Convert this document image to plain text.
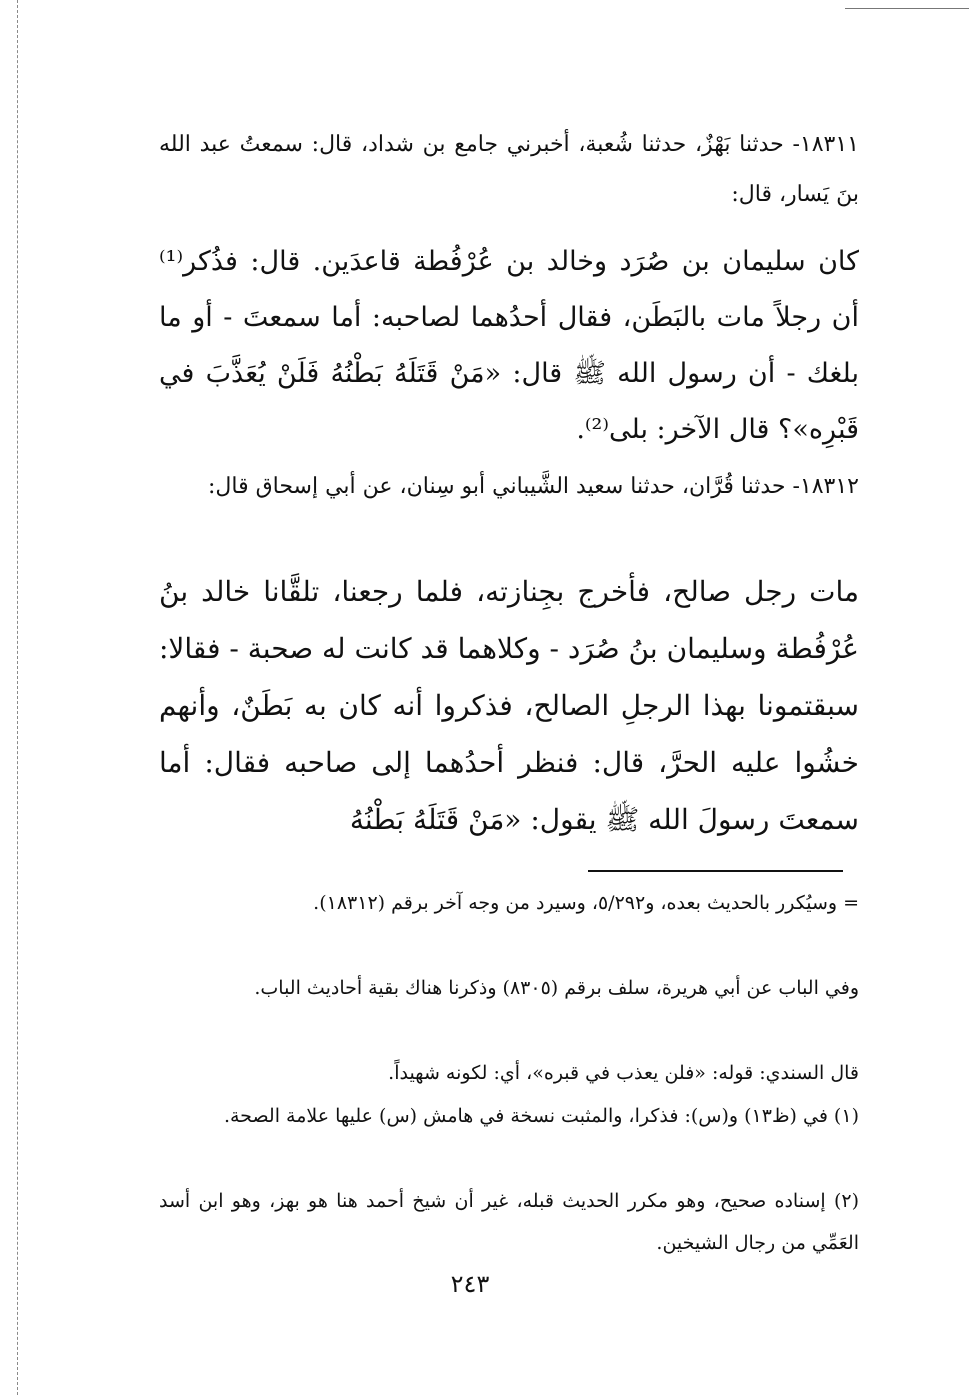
١٨٣١١- حدثنا بَهْزٌ، حدثنا شُعبة، أخبرني جامع بن شداد، قال: سمعتُ عبد الله بنَ يَسار، قال:

كان سليمان بن صُرَد وخالد بن عُرْفُطة قاعدَين. قال: فذُكر⁽¹⁾ أن رجلاً مات بالبَطَن، فقال أحدُهما لصاحبه: أما سمعتَ - أو ما بلغك - أن رسول الله ﷺ قال: «مَنْ قَتَلَهُ بَطْنُهُ فَلَنْ يُعَذَّبَ في قَبْرِه»؟ قال الآخر: بلى⁽²⁾.

١٨٣١٢- حدثنا قُرَّان، حدثنا سعيد الشَّيباني أبو سِنان، عن أبي إسحاق قال:

مات رجل صالح، فأخرج بجِنازته، فلما رجعنا، تلقَّانا خالد بنُ عُرْفُطة وسليمان بنُ صُرَد - وكلاهما قد كانت له صحبة - فقالا: سبقتمونا بهذا الرجلِ الصالح، فذكروا أنه كان به بَطَنٌ، وأنهم خشُوا عليه الحرَّ، قال: فنظر أحدُهما إلى صاحبه فقال: أما سمعتَ رسولَ الله ﷺ يقول: «مَنْ قَتَلَهُ بَطْنُهُ

= وسيُكرر بالحديث بعده، و٥/٢٩٢، وسيرد من وجه آخر برقم (١٨٣١٢).

وفي الباب عن أبي هريرة، سلف برقم (٨٣٠٥) وذكرنا هناك بقية أحاديث الباب.

قال السندي: قوله: «فلن يعذب في قبره»، أي: لكونه شهيداً.

(١) في (ظ١٣) و(س): فذكرا، والمثبت نسخة في هامش (س) عليها علامة الصحة.

(٢) إسناده صحيح، وهو مكرر الحديث قبله، غير أن شيخ أحمد هنا هو بهز، وهو ابن أسد العَمِّي من رجال الشيخين.

٢٤٣
